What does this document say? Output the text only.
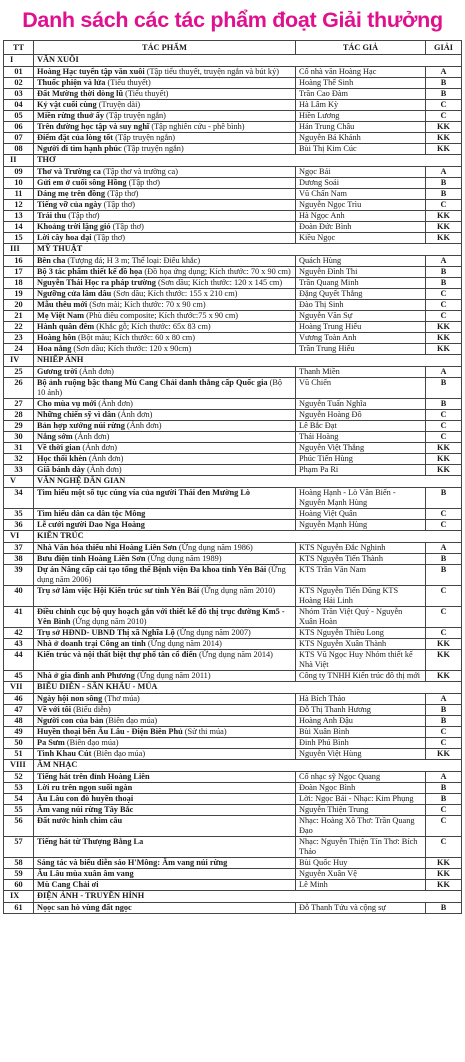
Danh sách các tác phẩm đoạt Giải thưởng
TT	TÁC PHẨM	TÁC GIẢ	GIẢI
I	VĂN XUÔI		
01	Hoàng Hạc tuyển tập văn xuôi (Tập tiểu thuyết, truyện ngắn và bút ký)	Cố nhà văn Hoàng Hạc	A
02	Thuốc phiện và lửa (Tiểu thuyết)	Hoàng Thế Sinh	B
03	Đất Mường thời dòng lũ (Tiểu thuyết)	Trần Cao Đàm	B
04	Kỷ vật cuối cùng (Truyện dài)	Hà Lâm Kỳ	C
05	Miền rừng thuở ấy (Tập truyện ngắn)	Hiền Lương	C
06	Trên đường học tập và suy nghĩ (Tập nghiên cứu - phê bình)	Hán Trung Châu	KK
07	Điểm đặt của lòng tốt (Tập truyện ngắn)	Nguyễn Bá Khánh	KK
08	Người đi tìm hạnh phúc (Tập truyện ngắn)	Bùi Thị Kim Cúc	KK
II	THƠ		
09	Thơ và Trường ca (Tập thơ và trường ca)	Ngọc Bái	A
10	Gửi em ở cuối sông Hồng (Tập thơ)	Dương Soái	B
11	Dáng mẹ trên đồng (Tập thơ)	Vũ Chấn Nam	B
12	Tiếng vỡ của ngày (Tập thơ)	Nguyễn Ngọc Trìu	C
13	Trái thu (Tập thơ)	Hà Ngọc Anh	KK
14	Khoảng trời lặng gió (Tập thơ)	Đoàn Đức Bình	KK
15	Lời cây hoa dại (Tập thơ)	Kiều Ngọc	KK
III	MỸ THUẬT		
16	Bên cha (Tượng đá; H 3 m; Thể loại: Điêu khắc)	Quách Hùng	A
17	Bộ 3 tác phẩm thiết kế đồ họa (Đồ họa ứng dụng; Kích thước: 70 x 90 cm)	Nguyễn Đình Thi	B
18	Nguyễn Thái Học ra pháp trường (Sơn dầu; Kích thước: 120 x 145 cm)	Trần Quang Minh	B
19	Ngưỡng cửa lâm dâu (Sơn dầu; Kích thước: 155 x 210 cm)	Đặng Quyết Thắng	C
20	Mẫu thêu mới (Sơn mài; Kích thước: 70 x 90 cm)	Đào Thị Sinh	C
21	Mẹ Việt Nam (Phù điêu composite; Kích thước:75 x 90 cm)	Nguyễn Văn Sự	C
22	Hành quân đêm (Khắc gỗ; Kích thước: 65x 83 cm)	Hoàng Trung Hiếu	KK
23	Hoàng hôn (Bột màu; Kích thước: 60 x 80 cm)	Vương Toàn Anh	KK
24	Hoa nắng (Sơn dầu; Kích thước: 120 x 90cm)	Trần Trung Hiếu	KK
IV	NHIẾP ẢNH		
25	Gương trời (Ảnh đơn)	Thanh Miền	A
26	Bộ ảnh ruộng bậc thang Mù Cang Chải danh thắng cấp Quốc gia (Bộ 10 ảnh)	Vũ Chiến	B
27	Cho mùa vụ mới (Ảnh đơn)	Nguyễn Tuấn Nghĩa	B
28	Những chiến sỹ vì dân (Ảnh đơn)	Nguyễn Hoàng Đô	C
29	Bản hợp xướng núi rừng (Ảnh đơn)	Lê Bắc Đạt	C
30	Nắng sớm (Ảnh đơn)	Thái Hoàng	C
31	Về thời gian (Ảnh đơn)	Nguyễn Việt Thắng	KK
32	Học thổi khèn (Ảnh đơn)	Phúc Tiến Hùng	KK
33	Giã bánh dày (Ảnh đơn)	Phạm Pa Ri	KK
V	VĂN NGHỆ DÂN GIAN		
34	Tìm hiểu một số tục cúng vía của người Thái đen Mường Lò	Hoàng Hạnh - Lò Văn Biến - Nguyễn Mạnh Hùng	B
35	Tìm hiểu dân ca dân tộc Mông	Hoàng Việt Quân	C
36	Lễ cưới người Dao Nga Hoàng	Nguyễn Mạnh Hùng	C
VI	KIẾN TRÚC		
37	Nhà Văn hóa thiếu nhi Hoàng Liên Sơn (Ứng dụng năm 1986)	KTS Nguyễn Đắc Nghinh	A
38	Bưu điện tỉnh Hoàng Liên Sơn (Ứng dụng năm 1989)	KTS Nguyễn Tiến Thành	B
39	Dự án Nâng cấp cải tạo tổng thể Bệnh viện Đa khoa tỉnh Yên Bái (Ứng dụng năm 2006)	KTS Trần Văn Nam	B
40	Trụ sở làm việc Hội Kiến trúc sư tỉnh Yên Bái (Ứng dụng năm 2010)	KTS Nguyễn Tiến Dũng KTS Hoàng Hải Linh	C
41	Điều chỉnh cục bộ quy hoạch gắn với thiết kế đô thị trục đường Km5 - Yên Bình (Ứng dụng năm 2010)	Nhóm Trần Việt Quý - Nguyễn Xuân Hoàn	C
42	Trụ sở HĐND- UBND Thị xã Nghĩa Lộ (Ứng dụng năm 2007)	KTS Nguyễn Thiều Long	C
43	Nhà ở doanh trại Công an tỉnh (Ứng dụng năm 2014)	KTS Nguyễn Xuân Thành	KK
44	Kiến trúc và nội thất biệt thự phố tân cổ điển (Ứng dụng năm 2014)	KTS Vũ Ngọc Huy Nhóm thiết kế Nhà Việt	KK
45	Nhà ở gia đình anh Phương (Ứng dụng năm 2011)	Công ty TNHH Kiến trúc đô thị mới	KK
VII	BIỂU DIỄN - SÂN KHẤU - MÚA		
46	Ngày hội non sông (Thơ múa)	Hà Bích Thảo	A
47	Về với tôi (Biểu diễn)	Đỗ Thị Thanh Hương	B
48	Người con của bản (Biên đạo múa)	Hoàng Anh Đậu	B
49	Huyền thoại bến Âu Lâu - Điện Biên Phủ (Sử thi múa)	Bùi Xuân Bình	C
50	Pa Sưm (Biên đạo múa)	Đinh Phú Bình	C
51	Tình Khau Cút (Biên đạo múa)	Nguyễn Việt Hùng	KK
VIII	ÂM NHẠC		
52	Tiếng hát trên đỉnh Hoàng Liên	Cố nhạc sỹ Ngọc Quang	A
53	Lời ru trên ngọn suối ngàn	Đoàn Ngọc Bình	B
54	Âu Lâu con đò huyền thoại	Lời: Ngọc Bái - Nhạc: Kim Phụng	B
55	Âm vang núi rừng Tây Bắc	Nguyễn Thiện Trung	C
56	Đất nước hình chim câu	Nhạc: Hoàng Xô Thơ: Trần Quang Đạo	C
57	Tiếng hát từ Thượng Bằng La	Nhạc: Nguyễn Thiện Tín Thơ: Bích Thảo	C
58	Sáng tác và biểu diễn sáo H'Mông: Âm vang núi rừng	Bùi Quốc Huy	KK
59	Âu Lâu mùa xuân âm vang	Nguyễn Xuân Vệ	KK
60	Mù Cang Chải ơi	Lê Minh	KK
IX	ĐIỆN ẢNH - TRUYỀN HÌNH		
61	Nọọc san hò vùng đất ngọc	Đỗ Thanh Tứu và cộng sự	B
